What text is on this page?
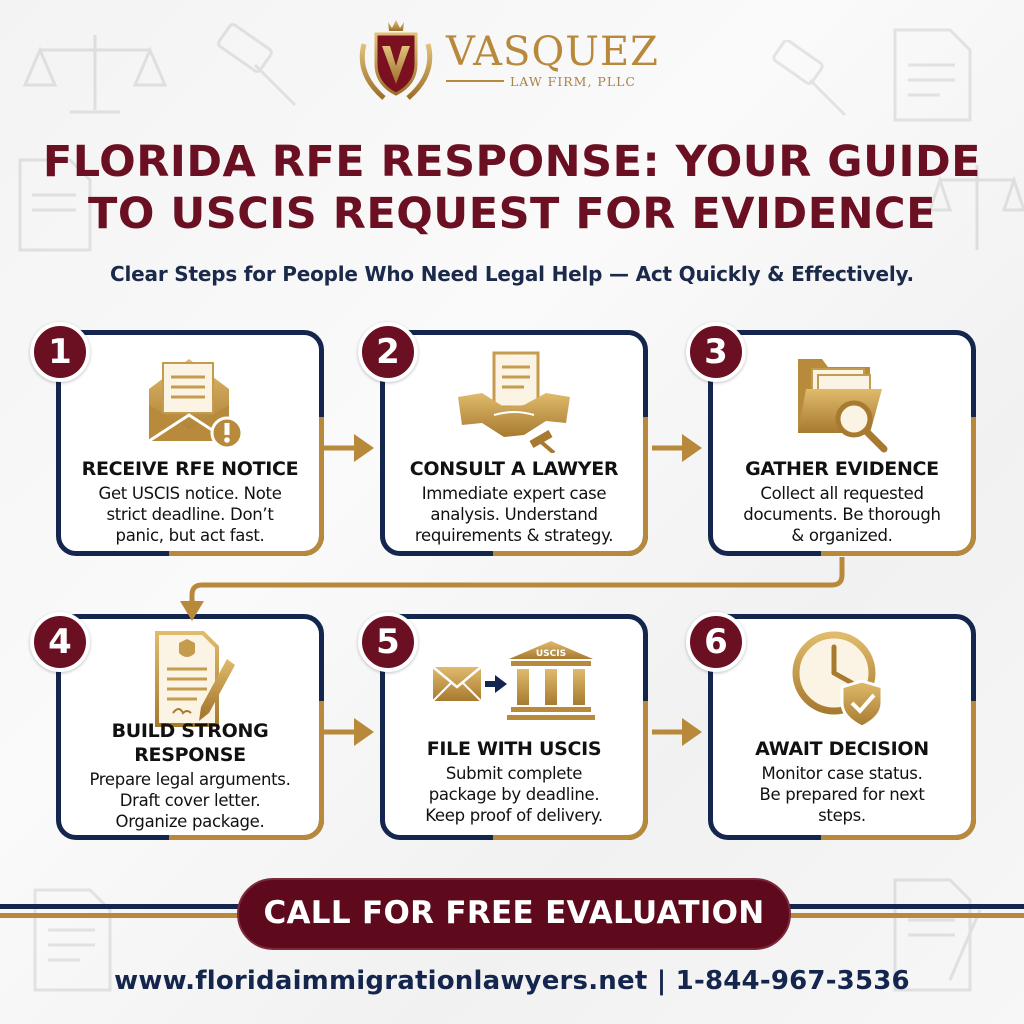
VASQUEZ
LAW FIRM, PLLC
FLORIDA RFE RESPONSE: YOUR GUIDE
TO USCIS REQUEST FOR EVIDENCE
Clear Steps for People Who Need Legal Help — Act Quickly & Effectively.
1
RECEIVE RFE NOTICE
Get USCIS notice. Note
strict deadline. Don’t
panic, but act fast.
2
CONSULT A LAWYER
Immediate expert case
analysis. Understand
requirements & strategy.
3
GATHER EVIDENCE
Collect all requested
documents. Be thorough
& organized.
4
BUILD STRONG
RESPONSE
Prepare legal arguments.
Draft cover letter.
Organize package.
5	USCIS
FILE WITH USCIS
Submit complete
package by deadline.
Keep proof of delivery.
6
AWAIT DECISION
Monitor case status.
Be prepared for next
steps.
CALL FOR FREE EVALUATION
www.floridaimmigrationlawyers.net | 1-844-967-3536
